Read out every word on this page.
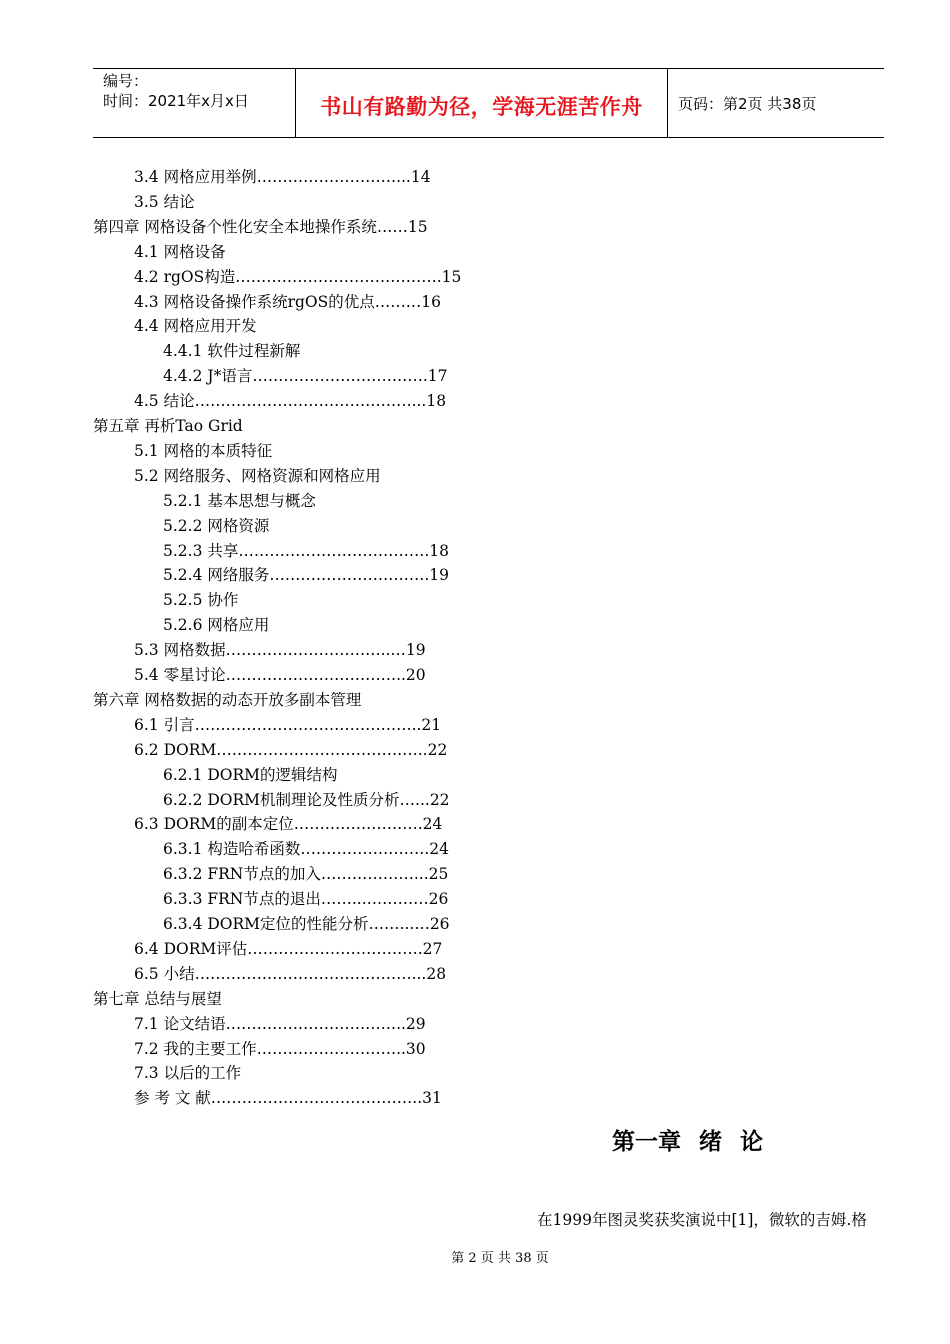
编号：
时间：2021年x月x日	书山有路勤为径，学海无涯苦作舟	页码：第2页 共38页
3.4 网格应用举例………………………...14
3.5 结论
第四章 网格设备个性化安全本地操作系统……15
4.1 网格设备
4.2 rgOS构造………………………………….15
4.3 网格设备操作系统rgOS的优点………16
4.4 网格应用开发
4.4.1 软件过程新解
4.4.2 J*语言…………………………….17
4.5 结论……………………………………...18
第五章 再析Tao Grid
5.1 网格的本质特征
5.2 网络服务、网格资源和网格应用
5.2.1 基本思想与概念
5.2.2 网格资源
5.2.3 共享……………………………….18
5.2.4 网络服务………………………….19
5.2.5 协作
5.2.6 网格应用
5.3 网格数据…………………………..…19
5.4 零星讨论……………………………..20
第六章 网格数据的动态开放多副本管理
6.1 引言……………………………………..21
6.2 DORM…………………………………..22
6.2.1 DORM的逻辑结构
6.2.2 DORM机制理论及性质分析…...22
6.3 DORM的副本定位…………………….24
6.3.1 构造哈希函数…………………….24
6.3.2 FRN节点的加入………………...25
6.3.3 FRN节点的退出……...…………26
6.3.4 DORM定位的性能分析……...…26
6.4 DORM评估…………………………….27
6.5 小结……………………………………...28
第七章 总结与展望
7.1 论文结语……………………………..29
7.2 我的主要工作………………………..30
7.3 以后的工作
参 考 文 献…………………………………..31
第一章 绪 论
在1999年图灵奖获奖演说中[1]，微软的吉姆.格
第 2 页 共 38 页
